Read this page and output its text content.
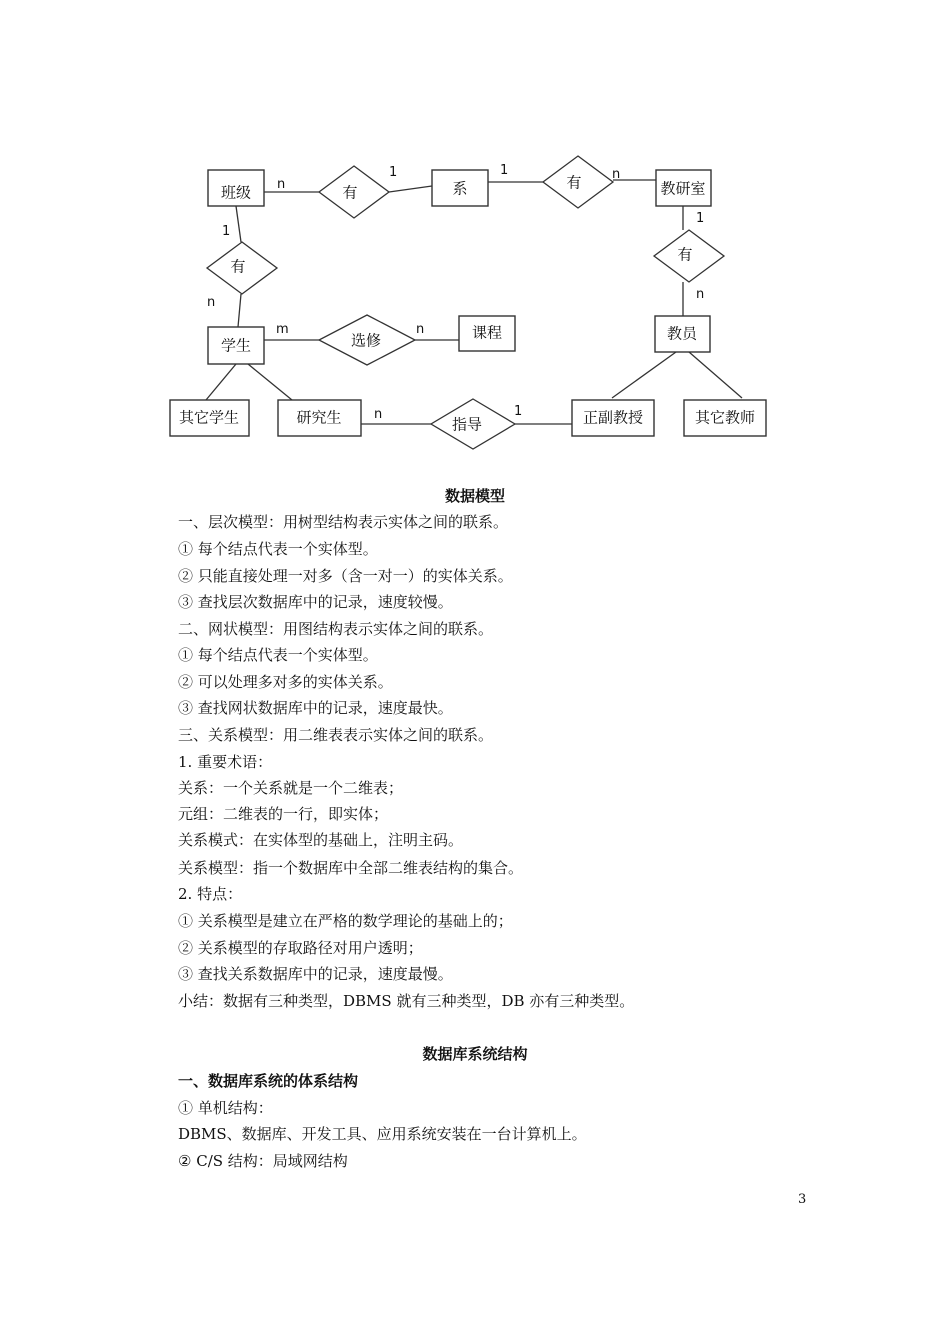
班级	系	教研室
学生
课程	教员
其它学生	研究生	正副教授	其它教师
有
有
有
有
选修
指导
n
1	1	n
1
n
1
n
m	n
n	1
数据模型
一、层次模型：用树型结构表示实体之间的联系。
① 每个结点代表一个实体型。
② 只能直接处理一对多（含一对一）的实体关系。
③ 查找层次数据库中的记录，速度较慢。
二、网状模型：用图结构表示实体之间的联系。
① 每个结点代表一个实体型。
② 可以处理多对多的实体关系。
③ 查找网状数据库中的记录，速度最快。
三、关系模型：用二维表表示实体之间的联系。
1. 重要术语：
关系：一个关系就是一个二维表；
元组：二维表的一行，即实体；
关系模式：在实体型的基础上，注明主码。
关系模型：指一个数据库中全部二维表结构的集合。
2. 特点：
① 关系模型是建立在严格的数学理论的基础上的；
② 关系模型的存取路径对用户透明；
③ 查找关系数据库中的记录，速度最慢。
小结：数据有三种类型，DBMS 就有三种类型，DB 亦有三种类型。
数据库系统结构
一、数据库系统的体系结构
① 单机结构：
DBMS、数据库、开发工具、应用系统安装在一台计算机上。
② C/S 结构：局域网结构
3
